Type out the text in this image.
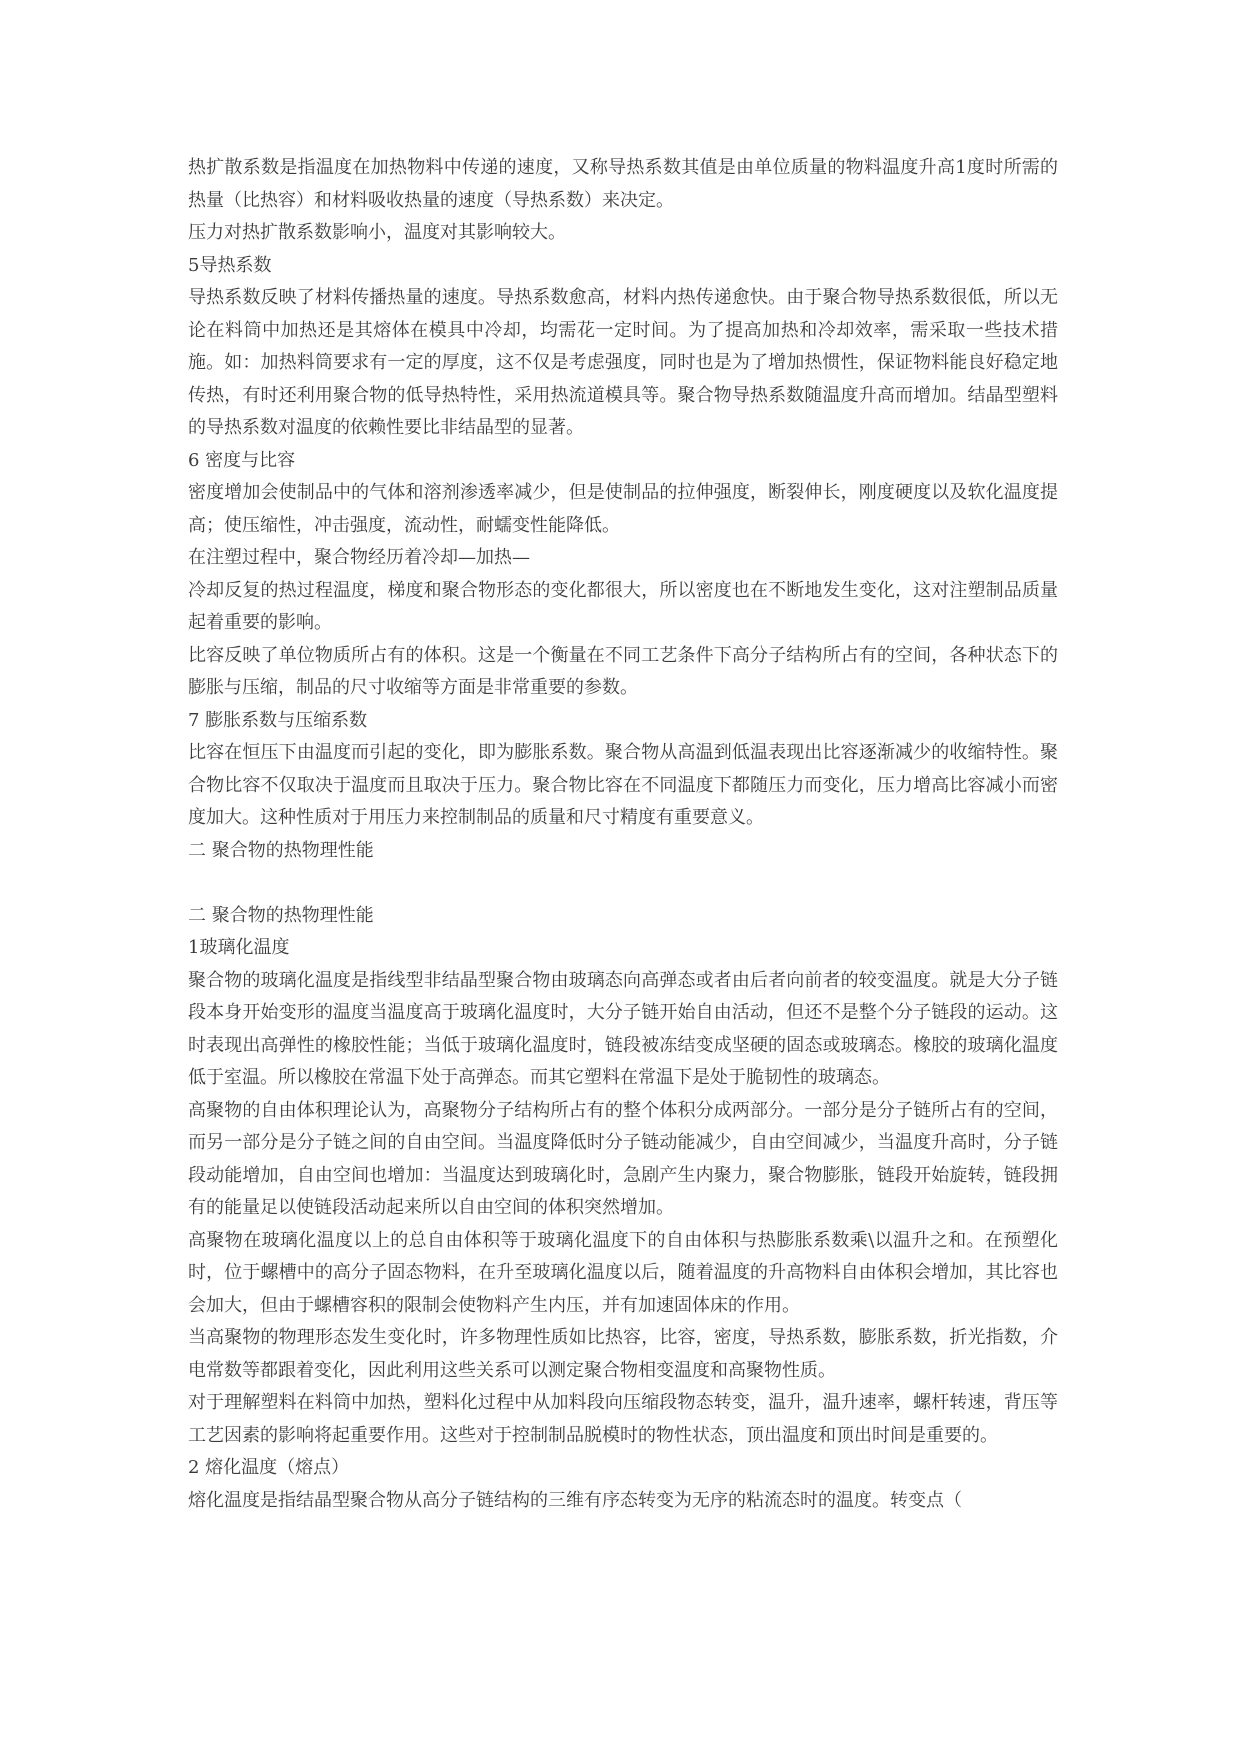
热扩散系数是指温度在加热物料中传递的速度，又称导热系数其值是由单位质量的物料温度升高1度时所需的热量（比热容）和材料吸收热量的速度（导热系数）来决定。

压力对热扩散系数影响小，温度对其影响较大。

5导热系数

导热系数反映了材料传播热量的速度。导热系数愈高，材料内热传递愈快。由于聚合物导热系数很低，所以无论在料筒中加热还是其熔体在模具中冷却，均需花一定时间。为了提高加热和冷却效率，需采取一些技术措施。如：加热料筒要求有一定的厚度，这不仅是考虑强度，同时也是为了增加热惯性，保证物料能良好稳定地传热，有时还利用聚合物的低导热特性，采用热流道模具等。聚合物导热系数随温度升高而增加。结晶型塑料的导热系数对温度的依赖性要比非结晶型的显著。

6 密度与比容

密度增加会使制品中的气体和溶剂渗透率减少，但是使制品的拉伸强度，断裂伸长，刚度硬度以及软化温度提高；使压缩性，冲击强度，流动性，耐蠕变性能降低。

在注塑过程中，聚合物经历着冷却—加热—

冷却反复的热过程温度，梯度和聚合物形态的变化都很大，所以密度也在不断地发生变化，这对注塑制品质量起着重要的影响。

比容反映了单位物质所占有的体积。这是一个衡量在不同工艺条件下高分子结构所占有的空间，各种状态下的膨胀与压缩，制品的尺寸收缩等方面是非常重要的参数。

7 膨胀系数与压缩系数

比容在恒压下由温度而引起的变化，即为膨胀系数。聚合物从高温到低温表现出比容逐渐减少的收缩特性。聚合物比容不仅取决于温度而且取决于压力。聚合物比容在不同温度下都随压力而变化，压力增高比容减小而密度加大。这种性质对于用压力来控制制品的质量和尺寸精度有重要意义。

二 聚合物的热物理性能

二 聚合物的热物理性能

1玻璃化温度

聚合物的玻璃化温度是指线型非结晶型聚合物由玻璃态向高弹态或者由后者向前者的较变温度。就是大分子链段本身开始变形的温度当温度高于玻璃化温度时，大分子链开始自由活动，但还不是整个分子链段的运动。这时表现出高弹性的橡胶性能；当低于玻璃化温度时，链段被冻结变成坚硬的固态或玻璃态。橡胶的玻璃化温度低于室温。所以橡胶在常温下处于高弹态。而其它塑料在常温下是处于脆韧性的玻璃态。

高聚物的自由体积理论认为，高聚物分子结构所占有的整个体积分成两部分。一部分是分子链所占有的空间，而另一部分是分子链之间的自由空间。当温度降低时分子链动能减少，自由空间减少，当温度升高时，分子链段动能增加，自由空间也增加：当温度达到玻璃化时，急剧产生内聚力，聚合物膨胀，链段开始旋转，链段拥有的能量足以使链段活动起来所以自由空间的体积突然增加。

高聚物在玻璃化温度以上的总自由体积等于玻璃化温度下的自由体积与热膨胀系数乘\以温升之和。在预塑化时，位于螺槽中的高分子固态物料，在升至玻璃化温度以后，随着温度的升高物料自由体积会增加，其比容也会加大，但由于螺槽容积的限制会使物料产生内压，并有加速固体床的作用。

当高聚物的物理形态发生变化时，许多物理性质如比热容，比容，密度，导热系数，膨胀系数，折光指数，介电常数等都跟着变化，因此利用这些关系可以测定聚合物相变温度和高聚物性质。

对于理解塑料在料筒中加热，塑料化过程中从加料段向压缩段物态转变，温升，温升速率，螺杆转速，背压等工艺因素的影响将起重要作用。这些对于控制制品脱模时的物性状态，顶出温度和顶出时间是重要的。

2 熔化温度（熔点）

熔化温度是指结晶型聚合物从高分子链结构的三维有序态转变为无序的粘流态时的温度。转变点（
